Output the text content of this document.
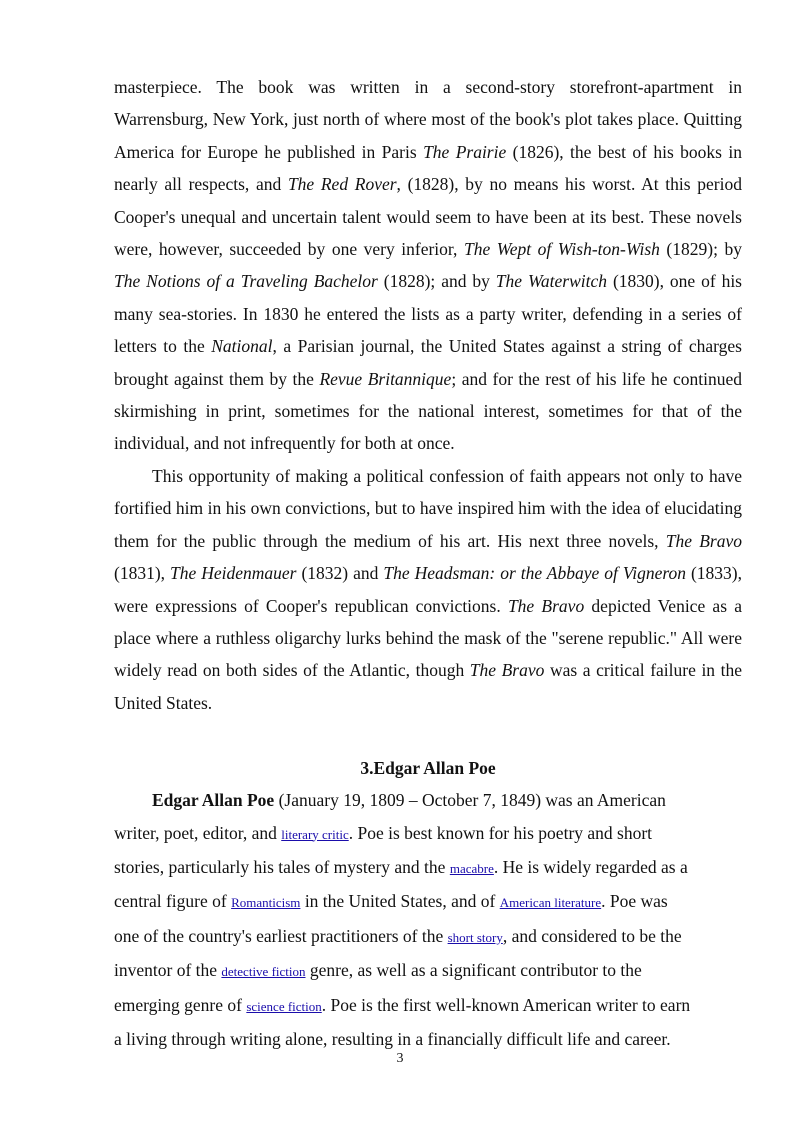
masterpiece. The book was written in a second-story storefront-apartment in Warrensburg, New York, just north of where most of the book's plot takes place. Quitting America for Europe he published in Paris The Prairie (1826), the best of his books in nearly all respects, and The Red Rover, (1828), by no means his worst. At this period Cooper's unequal and uncertain talent would seem to have been at its best. These novels were, however, succeeded by one very inferior, The Wept of Wish-ton-Wish (1829); by The Notions of a Traveling Bachelor (1828); and by The Waterwitch (1830), one of his many sea-stories. In 1830 he entered the lists as a party writer, defending in a series of letters to the National, a Parisian journal, the United States against a string of charges brought against them by the Revue Britannique; and for the rest of his life he continued skirmishing in print, sometimes for the national interest, sometimes for that of the individual, and not infrequently for both at once.

This opportunity of making a political confession of faith appears not only to have fortified him in his own convictions, but to have inspired him with the idea of elucidating them for the public through the medium of his art. His next three novels, The Bravo (1831), The Heidenmauer (1832) and The Headsman: or the Abbaye of Vigneron (1833), were expressions of Cooper's republican convictions. The Bravo depicted Venice as a place where a ruthless oligarchy lurks behind the mask of the "serene republic." All were widely read on both sides of the Atlantic, though The Bravo was a critical failure in the United States.

3.Edgar Allan Poe

Edgar Allan Poe (January 19, 1809 – October 7, 1849) was an American

writer, poet, editor, and literary critic. Poe is best known for his poetry and short

stories, particularly his tales of mystery and the macabre. He is widely regarded as a

central figure of Romanticism in the United States, and of American literature. Poe was

one of the country's earliest practitioners of the short story, and considered to be the

inventor of the detective fiction genre, as well as a significant contributor to the

emerging genre of science fiction. Poe is the first well-known American writer to earn

a living through writing alone, resulting in a financially difficult life and career.

3
